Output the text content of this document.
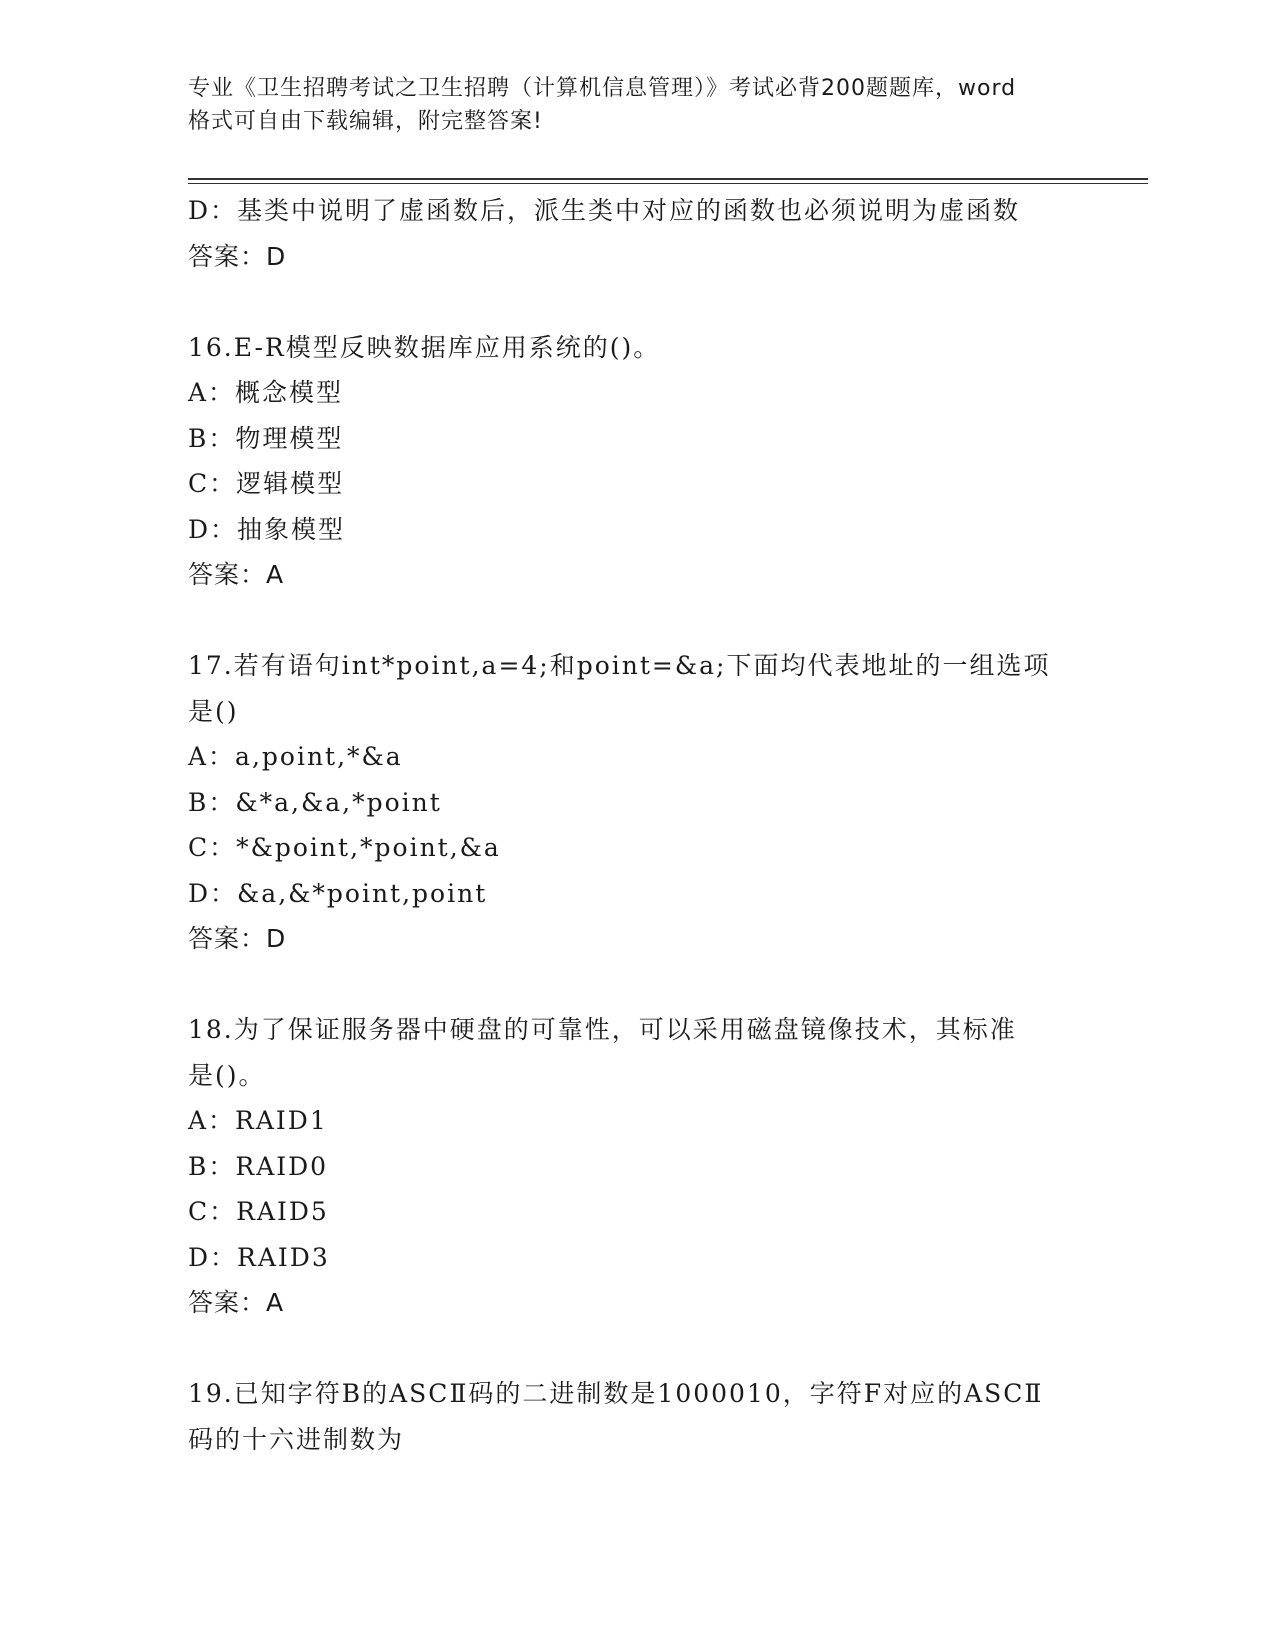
专业《卫生招聘考试之卫生招聘（计算机信息管理）》考试必背200题题库，word
格式可自由下载编辑，附完整答案!
D：基类中说明了虚函数后，派生类中对应的函数也必须说明为虚函数
答案：D
16.E-R模型反映数据库应用系统的()。
A：概念模型
B：物理模型
C：逻辑模型
D：抽象模型
答案：A
17.若有语句int*point,a=4;和point=&a;下面均代表地址的一组选项
是()
A：a,point,*&a
B：&*a,&a,*point
C：*&point,*point,&a
D：&a,&*point,point
答案：D
18.为了保证服务器中硬盘的可靠性，可以采用磁盘镜像技术，其标准
是()。
A：RAID1
B：RAID0
C：RAID5
D：RAID3
答案：A
19.已知字符B的ASCⅡ码的二进制数是1000010，字符F对应的ASCⅡ
码的十六进制数为
